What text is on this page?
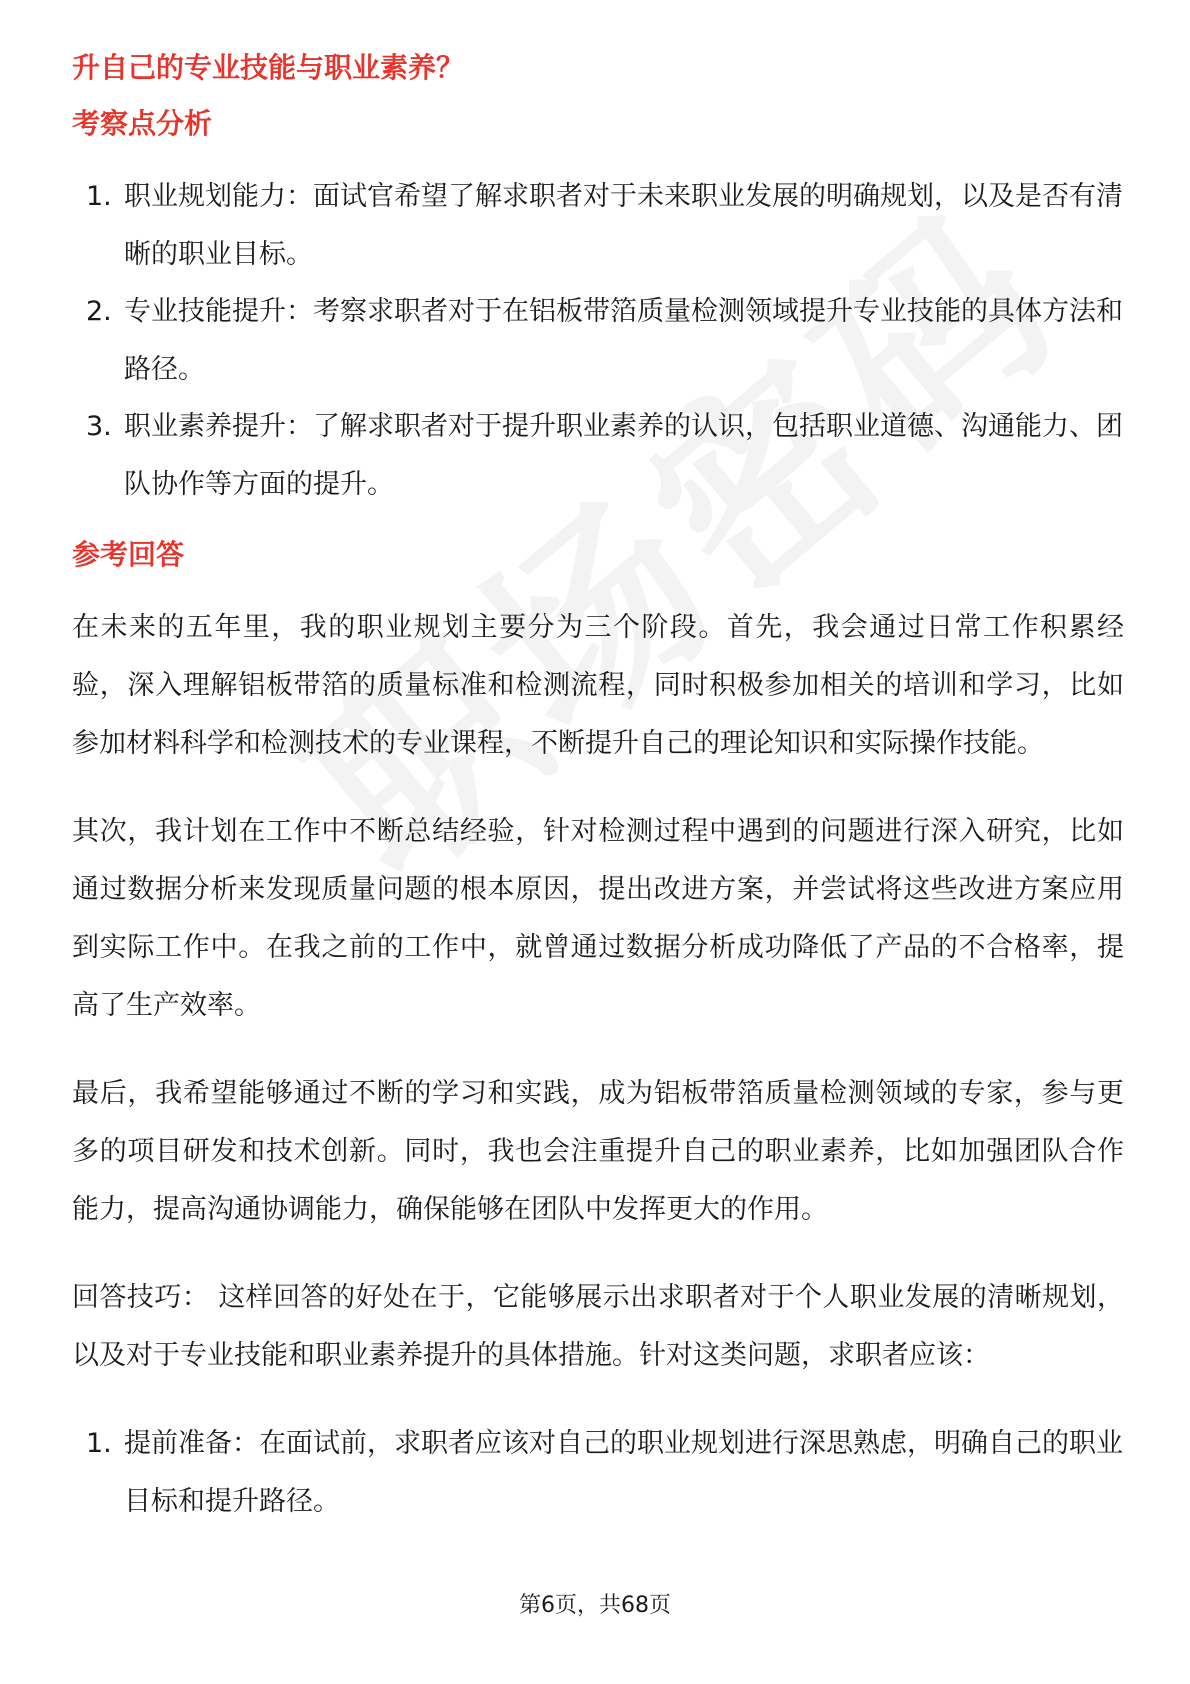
升自己的专业技能与职业素养？
考察点分析
1. 职业规划能力：面试官希望了解求职者对于未来职业发展的明确规划，以及是否有清晰的职业目标。
2. 专业技能提升：考察求职者对于在铝板带箔质量检测领域提升专业技能的具体方法和路径。
3. 职业素养提升：了解求职者对于提升职业素养的认识，包括职业道德、沟通能力、团队协作等方面的提升。
参考回答

在未来的五年里，我的职业规划主要分为三个阶段。首先，我会通过日常工作积累经验，深入理解铝板带箔的质量标准和检测流程，同时积极参加相关的培训和学习，比如参加材料科学和检测技术的专业课程，不断提升自己的理论知识和实际操作技能。

其次，我计划在工作中不断总结经验，针对检测过程中遇到的问题进行深入研究，比如通过数据分析来发现质量问题的根本原因，提出改进方案，并尝试将这些改进方案应用到实际工作中。在我之前的工作中，就曾通过数据分析成功降低了产品的不合格率，提高了生产效率。

最后，我希望能够通过不断的学习和实践，成为铝板带箔质量检测领域的专家，参与更多的项目研发和技术创新。同时，我也会注重提升自己的职业素养，比如加强团队合作能力，提高沟通协调能力，确保能够在团队中发挥更大的作用。

回答技巧： 这样回答的好处在于，它能够展示出求职者对于个人职业发展的清晰规划，以及对于专业技能和职业素养提升的具体措施。针对这类问题，求职者应该：

1. 提前准备：在面试前，求职者应该对自己的职业规划进行深思熟虑，明确自己的职业目标和提升路径。
第6页，共68页
